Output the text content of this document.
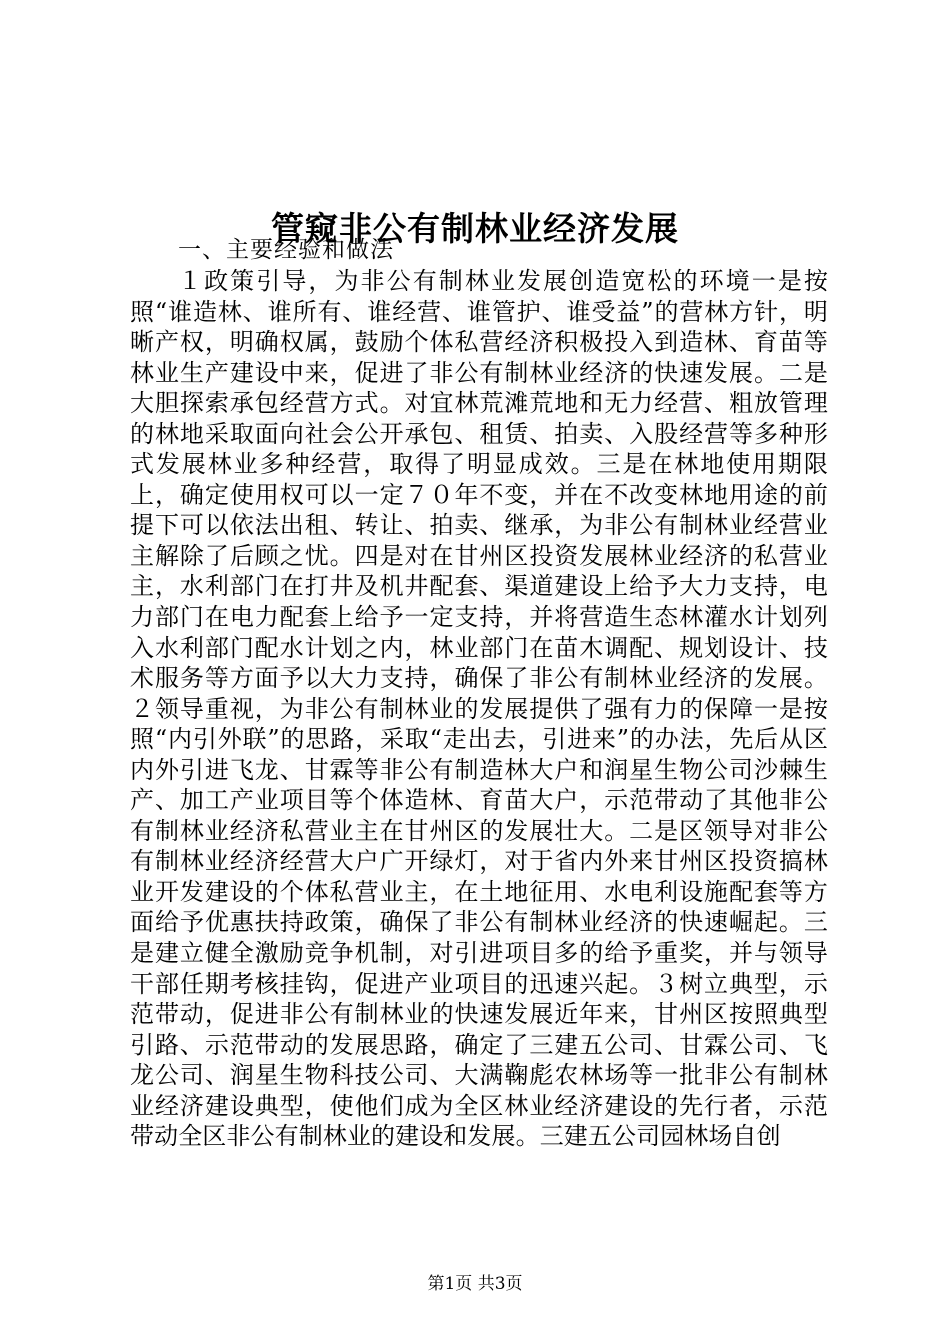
管窥非公有制林业经济发展
一、主要经验和做法

１政策引导，为非公有制林业发展创造宽松的环境一是按照“谁造林、谁所有、谁经营、谁管护、谁受益”的营林方针，明晰产权，明确权属，鼓励个体私营经济积极投入到造林、育苗等林业生产建设中来，促进了非公有制林业经济的快速发展。二是大胆探索承包经营方式。对宜林荒滩荒地和无力经营、粗放管理的林地采取面向社会公开承包、租赁、拍卖、入股经营等多种形式发展林业多种经营，取得了明显成效。三是在林地使用期限上，确定使用权可以一定７０年不变，并在不改变林地用途的前提下可以依法出租、转让、拍卖、继承，为非公有制林业经营业主解除了后顾之忧。四是对在甘州区投资发展林业经济的私营业主，水利部门在打井及机井配套、渠道建设上给予大力支持，电力部门在电力配套上给予一定支持，并将营造生态林灌水计划列入水利部门配水计划之内，林业部门在苗木调配、规划设计、技术服务等方面予以大力支持，确保了非公有制林业经济的发展。２领导重视，为非公有制林业的发展提供了强有力的保障一是按照“内引外联”的思路，采取“走出去，引进来”的办法，先后从区内外引进飞龙、甘霖等非公有制造林大户和润星生物公司沙棘生产、加工产业项目等个体造林、育苗大户，示范带动了其他非公有制林业经济私营业主在甘州区的发展壮大。二是区领导对非公有制林业经济经营大户广开绿灯，对于省内外来甘州区投资搞林业开发建设的个体私营业主，在土地征用、水电利设施配套等方面给予优惠扶持政策，确保了非公有制林业经济的快速崛起。三是建立健全激励竞争机制，对引进项目多的给予重奖，并与领导干部任期考核挂钩，促进产业项目的迅速兴起。３树立典型，示范带动，促进非公有制林业的快速发展近年来，甘州区按照典型引路、示范带动的发展思路，确定了三建五公司、甘霖公司、飞龙公司、润星生物科技公司、大满鞠彪农林场等一批非公有制林业经济建设典型，使他们成为全区林业经济建设的先行者，示范带动全区非公有制林业的建设和发展。三建五公司园林场自创

第1页 共3页
